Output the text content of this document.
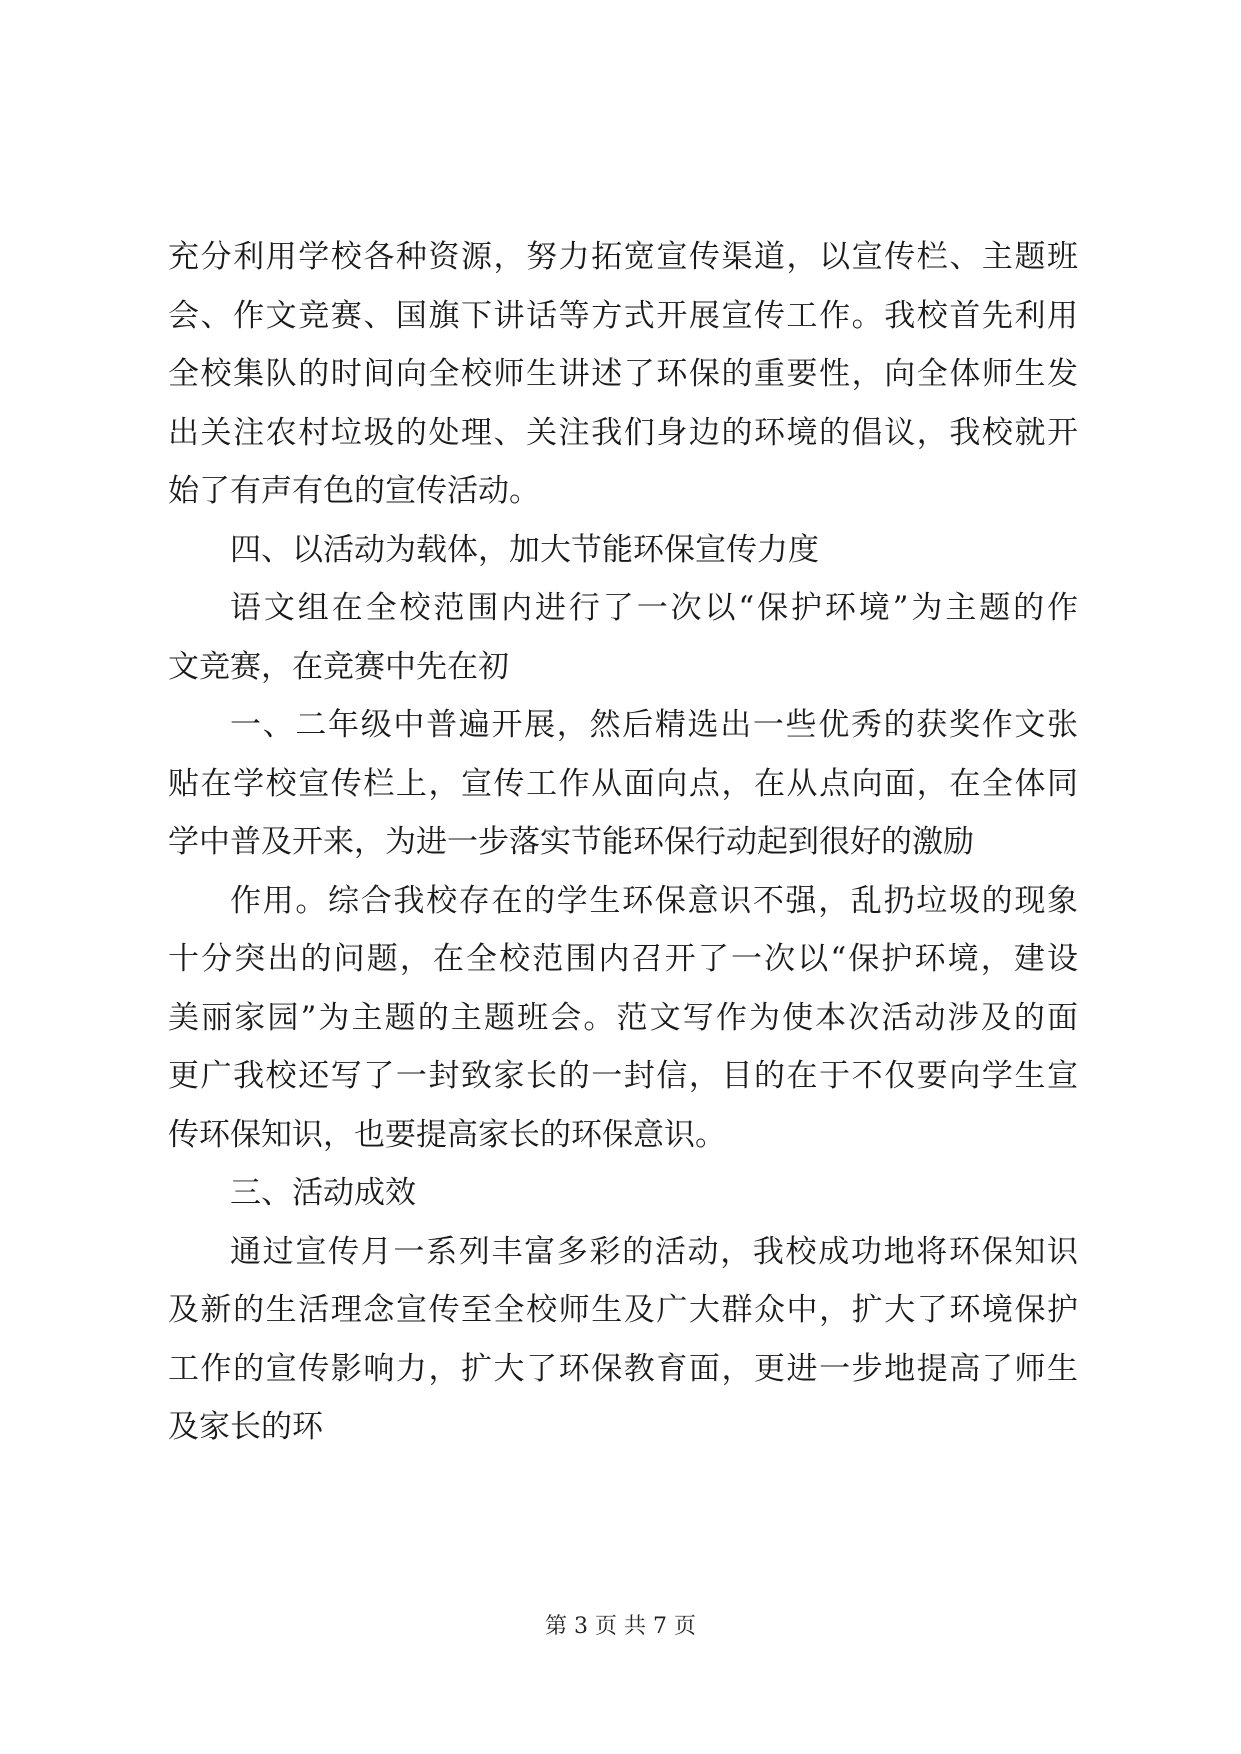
充分利用学校各种资源，努力拓宽宣传渠道，以宣传栏、主题班
会、作文竞赛、国旗下讲话等方式开展宣传工作。我校首先利用
全校集队的时间向全校师生讲述了环保的重要性，向全体师生发
出关注农村垃圾的处理、关注我们身边的环境的倡议，我校就开
始了有声有色的宣传活动。
四、以活动为载体，加大节能环保宣传力度
语文组在全校范围内进行了一次以“保护环境”为主题的作
文竞赛，在竞赛中先在初
一、二年级中普遍开展，然后精选出一些优秀的获奖作文张
贴在学校宣传栏上，宣传工作从面向点，在从点向面，在全体同
学中普及开来，为进一步落实节能环保行动起到很好的激励
作用。综合我校存在的学生环保意识不强，乱扔垃圾的现象
十分突出的问题，在全校范围内召开了一次以“保护环境，建设
美丽家园”为主题的主题班会。范文写作为使本次活动涉及的面
更广我校还写了一封致家长的一封信，目的在于不仅要向学生宣
传环保知识，也要提高家长的环保意识。
三、活动成效
通过宣传月一系列丰富多彩的活动，我校成功地将环保知识
及新的生活理念宣传至全校师生及广大群众中，扩大了环境保护
工作的宣传影响力，扩大了环保教育面，更进一步地提高了师生
及家长的环
第 3 页 共 7 页
